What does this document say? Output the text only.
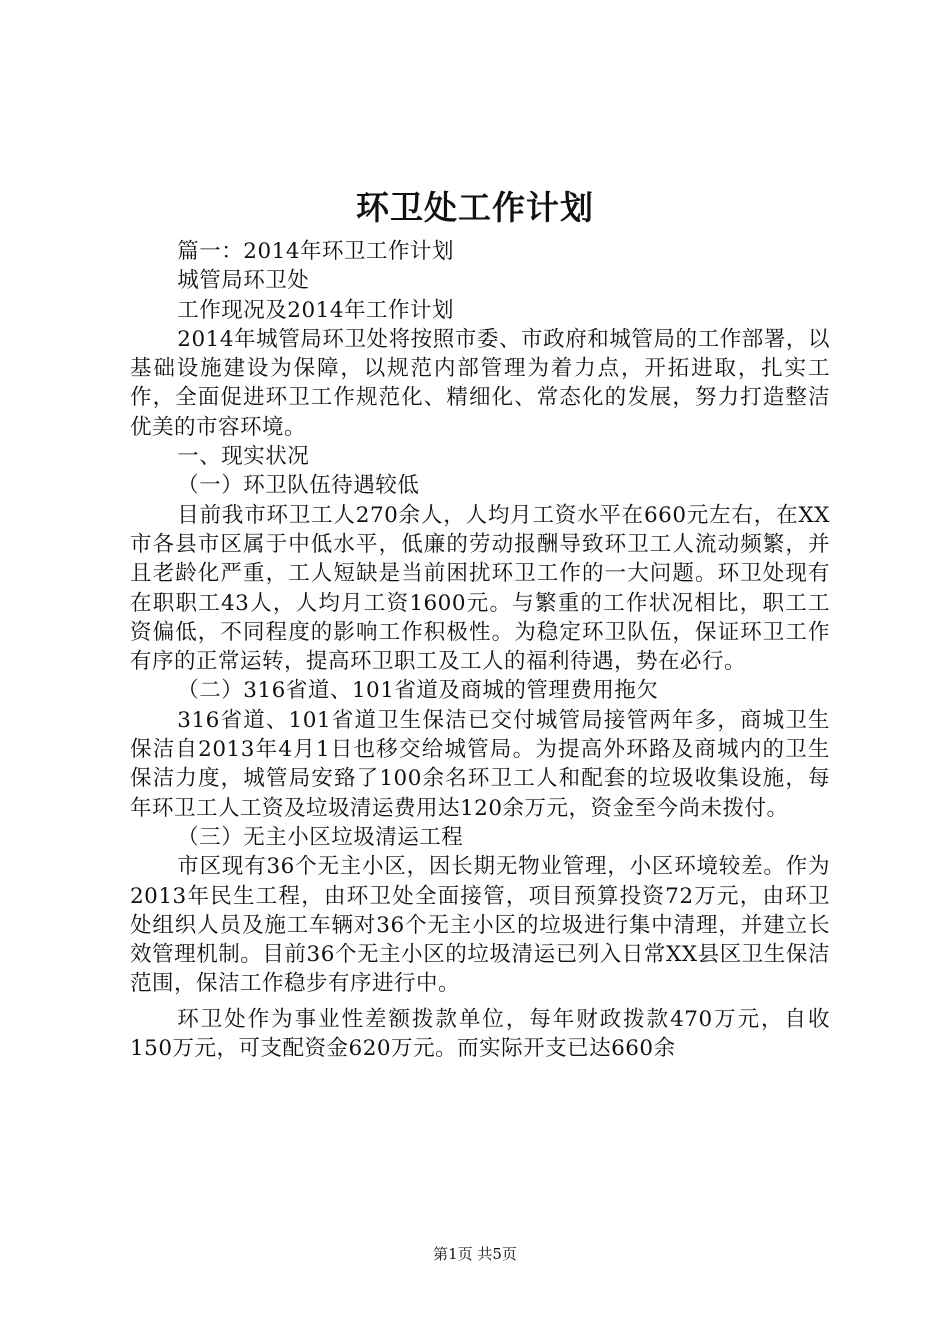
环卫处工作计划

篇一：2014年环卫工作计划

城管局环卫处

工作现况及2014年工作计划

2014年城管局环卫处将按照市委、市政府和城管局的工作部署，以基础设施建设为保障，以规范内部管理为着力点，开拓进取，扎实工作，全面促进环卫工作规范化、精细化、常态化的发展，努力打造整洁优美的市容环境。

一、现实状况

（一）环卫队伍待遇较低

目前我市环卫工人270余人，人均月工资水平在660元左右，在XX市各县市区属于中低水平，低廉的劳动报酬导致环卫工人流动频繁，并且老龄化严重，工人短缺是当前困扰环卫工作的一大问题。环卫处现有在职职工43人，人均月工资1600元。与繁重的工作状况相比，职工工资偏低，不同程度的影响工作积极性。为稳定环卫队伍，保证环卫工作有序的正常运转，提高环卫职工及工人的福利待遇，势在必行。

（二）316省道、101省道及商城的管理费用拖欠

316省道、101省道卫生保洁已交付城管局接管两年多，商城卫生保洁自2013年4月1日也移交给城管局。为提高外环路及商城内的卫生保洁力度，城管局安臵了100余名环卫工人和配套的垃圾收集设施，每年环卫工人工资及垃圾清运费用达120余万元，资金至今尚未拨付。

（三）无主小区垃圾清运工程

市区现有36个无主小区，因长期无物业管理，小区环境较差。作为2013年民生工程，由环卫处全面接管，项目预算投资72万元，由环卫处组织人员及施工车辆对36个无主小区的垃圾进行集中清理，并建立长效管理机制。目前36个无主小区的垃圾清运已列入日常XX县区卫生保洁范围，保洁工作稳步有序进行中。

环卫处作为事业性差额拨款单位，每年财政拨款470万元，自收150万元，可支配资金620万元。而实际开支已达660余

第1页 共5页
